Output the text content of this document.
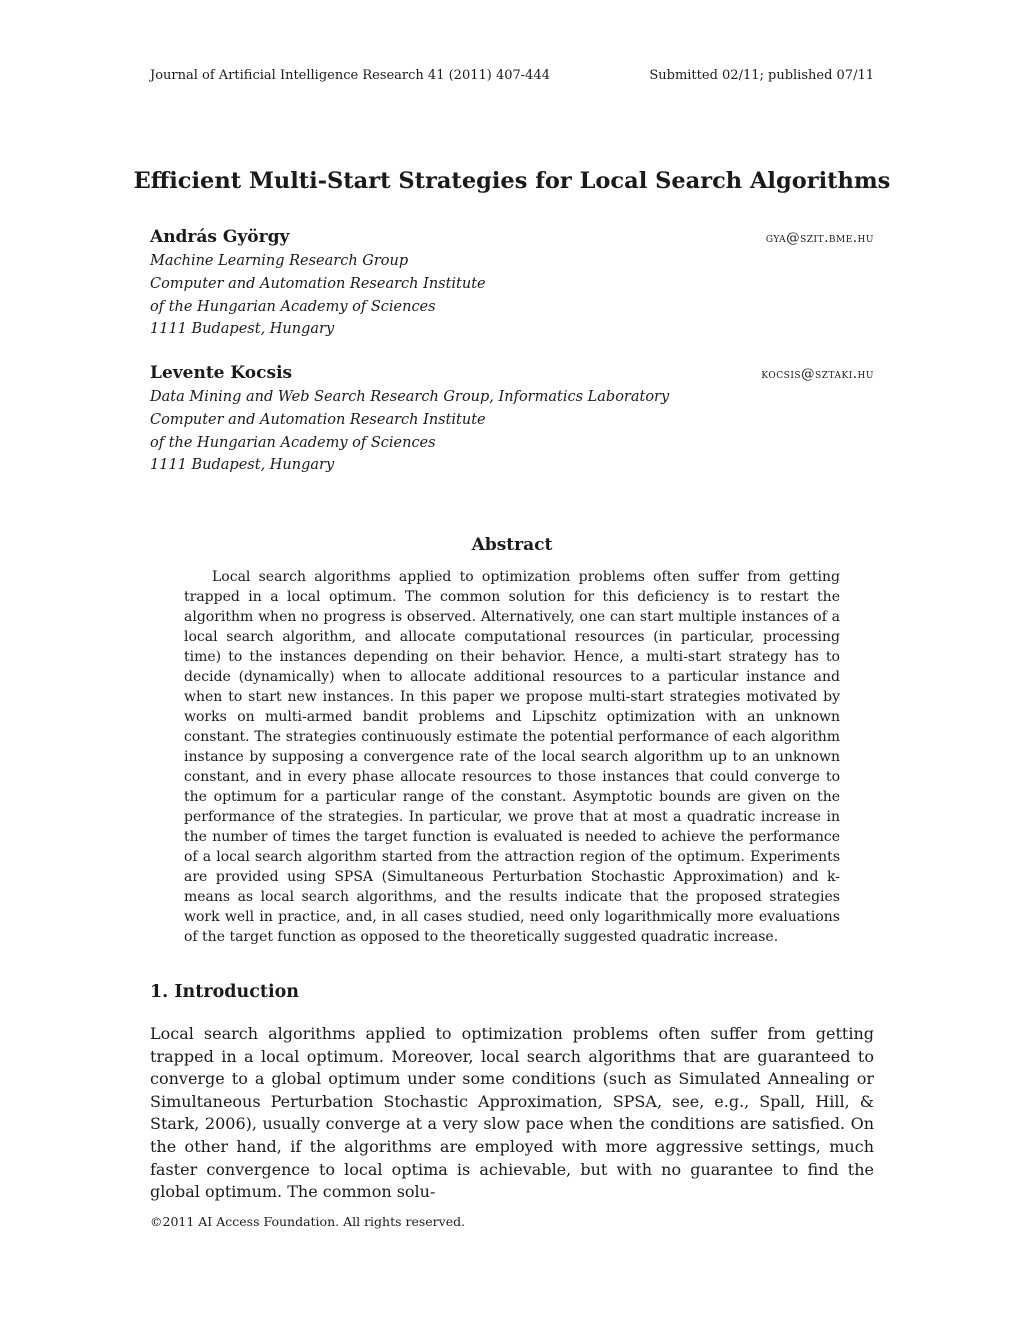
Journal of Artificial Intelligence Research 41 (2011) 407-444	Submitted 02/11; published 07/11
Efficient Multi-Start Strategies for Local Search Algorithms
András György	gya@szit.bme.hu
Machine Learning Research Group
Computer and Automation Research Institute
of the Hungarian Academy of Sciences
1111 Budapest, Hungary
Levente Kocsis	kocsis@sztaki.hu
Data Mining and Web Search Research Group, Informatics Laboratory
Computer and Automation Research Institute
of the Hungarian Academy of Sciences
1111 Budapest, Hungary
Abstract

Local search algorithms applied to optimization problems often suffer from getting trapped in a local optimum. The common solution for this deficiency is to restart the algorithm when no progress is observed. Alternatively, one can start multiple instances of a local search algorithm, and allocate computational resources (in particular, processing time) to the instances depending on their behavior. Hence, a multi-start strategy has to decide (dynamically) when to allocate additional resources to a particular instance and when to start new instances. In this paper we propose multi-start strategies motivated by works on multi-armed bandit problems and Lipschitz optimization with an unknown constant. The strategies continuously estimate the potential performance of each algorithm instance by supposing a convergence rate of the local search algorithm up to an unknown constant, and in every phase allocate resources to those instances that could converge to the optimum for a particular range of the constant. Asymptotic bounds are given on the performance of the strategies. In particular, we prove that at most a quadratic increase in the number of times the target function is evaluated is needed to achieve the performance of a local search algorithm started from the attraction region of the optimum. Experiments are provided using SPSA (Simultaneous Perturbation Stochastic Approximation) and k-means as local search algorithms, and the results indicate that the proposed strategies work well in practice, and, in all cases studied, need only logarithmically more evaluations of the target function as opposed to the theoretically suggested quadratic increase.

1. Introduction

Local search algorithms applied to optimization problems often suffer from getting trapped in a local optimum. Moreover, local search algorithms that are guaranteed to converge to a global optimum under some conditions (such as Simulated Annealing or Simultaneous Perturbation Stochastic Approximation, SPSA, see, e.g., Spall, Hill, & Stark, 2006), usually converge at a very slow pace when the conditions are satisfied. On the other hand, if the algorithms are employed with more aggressive settings, much faster convergence to local optima is achievable, but with no guarantee to find the global optimum. The common solu-

©2011 AI Access Foundation. All rights reserved.
